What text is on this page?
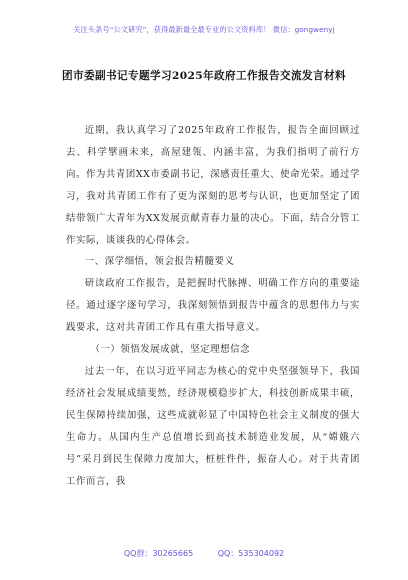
关注头条号“公文研究”，获得最新最全最专业的公文资料库！ 微信：gongwenyj
团市委副书记专题学习2025年政府工作报告交流发言材料

近期，我认真学习了2025年政府工作报告，报告全面回顾过去、科学擘画未来，高屋建瓴、内涵丰富，为我们指明了前行方向。作为共青团XX市委副书记，深感责任重大、使命光荣。通过学习，我对共青团工作有了更为深刻的思考与认识，也更加坚定了团结带领广大青年为XX发展贡献青春力量的决心。下面，结合分管工作实际，谈谈我的心得体会。

一、深学细悟，领会报告精髓要义

研读政府工作报告，是把握时代脉搏、明确工作方向的重要途径。通过逐字逐句学习，我深刻领悟到报告中蕴含的思想伟力与实践要求，这对共青团工作具有重大指导意义。

（一）领悟发展成就，坚定理想信念

过去一年，在以习近平同志为核心的党中央坚强领导下，我国经济社会发展成绩斐然，经济规模稳步扩大，科技创新成果丰硕，民生保障持续加强，这些成就彰显了中国特色社会主义制度的强大生命力。从国内生产总值增长到高技术制造业发展，从“嫦娥六号”采月到民生保障力度加大，桩桩件件，振奋人心。对于共青团工作而言，我

QQ群：30265665	QQ：535304092
